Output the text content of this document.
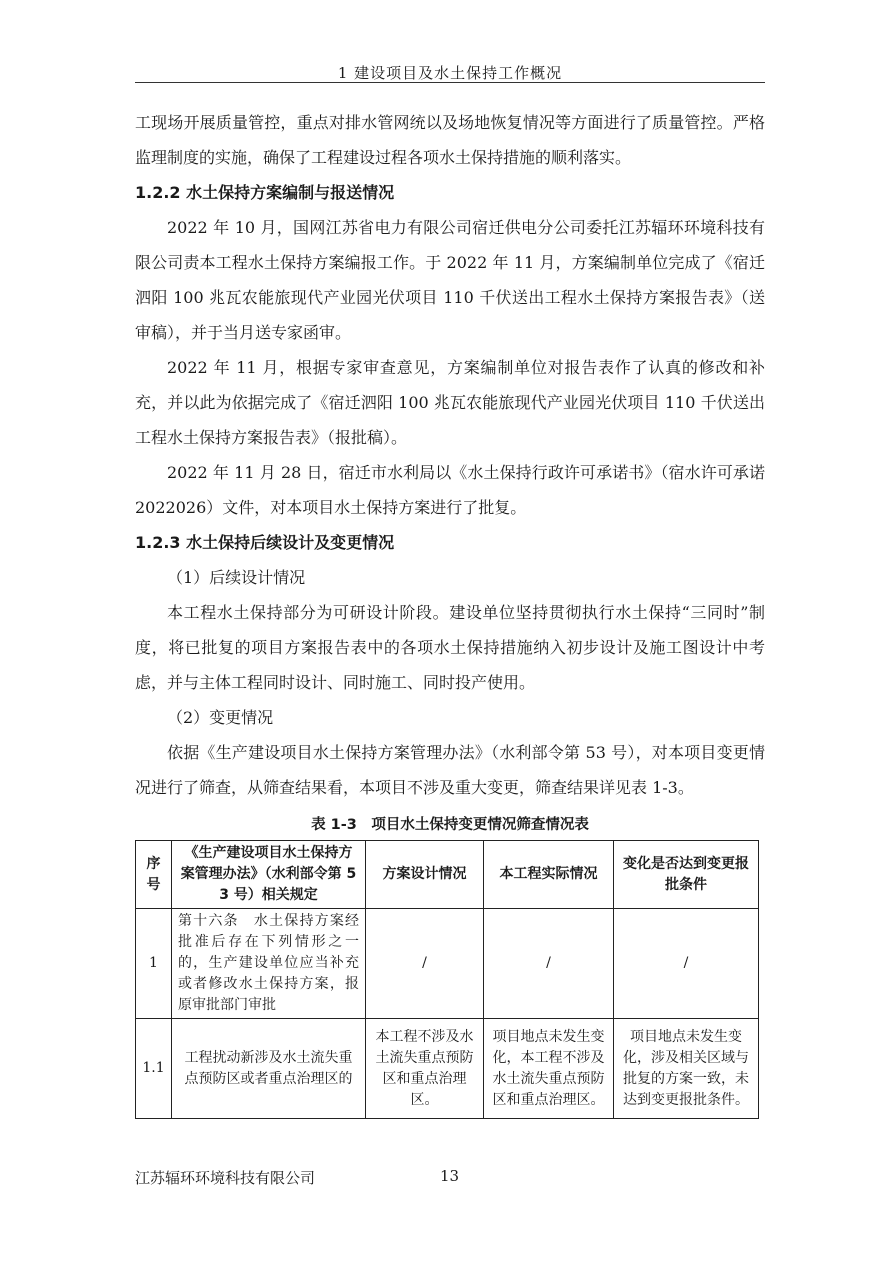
1 建设项目及水土保持工作概况

工现场开展质量管控，重点对排水管网统以及场地恢复情况等方面进行了质量管控。严格监理制度的实施，确保了工程建设过程各项水土保持措施的顺利落实。

1.2.2 水土保持方案编制与报送情况

2022 年 10 月，国网江苏省电力有限公司宿迁供电分公司委托江苏辐环环境科技有限公司责本工程水土保持方案编报工作。于 2022 年 11 月，方案编制单位完成了《宿迁泗阳 100 兆瓦农能旅现代产业园光伏项目 110 千伏送出工程水土保持方案报告表》（送审稿），并于当月送专家函审。

2022 年 11 月，根据专家审查意见，方案编制单位对报告表作了认真的修改和补充，并以此为依据完成了《宿迁泗阳 100 兆瓦农能旅现代产业园光伏项目 110 千伏送出工程水土保持方案报告表》（报批稿）。

2022 年 11 月 28 日，宿迁市水利局以《水土保持行政许可承诺书》（宿水许可承诺 2022026）文件，对本项目水土保持方案进行了批复。

1.2.3 水土保持后续设计及变更情况

（1）后续设计情况

本工程水土保持部分为可研设计阶段。建设单位坚持贯彻执行水土保持“三同时”制度，将已批复的项目方案报告表中的各项水土保持措施纳入初步设计及施工图设计中考虑，并与主体工程同时设计、同时施工、同时投产使用。

（2）变更情况

依据《生产建设项目水土保持方案管理办法》（水利部令第 53 号），对本项目变更情况进行了筛查，从筛查结果看，本项目不涉及重大变更，筛查结果详见表 1-3。

表 1-3　项目水土保持变更情况筛查情况表
序号	《生产建设项目水土保持方案管理办法》（水利部令第 53 号）相关规定	方案设计情况	本工程实际情况	变化是否达到变更报批条件
1	第十六条　水土保持方案经批准后存在下列情形之一的，生产建设单位应当补充或者修改水土保持方案，报原审批部门审批	/	/	/
1.1	工程扰动新涉及水土流失重点预防区或者重点治理区的	本工程不涉及水土流失重点预防区和重点治理区。	项目地点未发生变化，本工程不涉及水土流失重点预防区和重点治理区。	项目地点未发生变化，涉及相关区域与批复的方案一致，未达到变更报批条件。
江苏辐环环境科技有限公司	13
